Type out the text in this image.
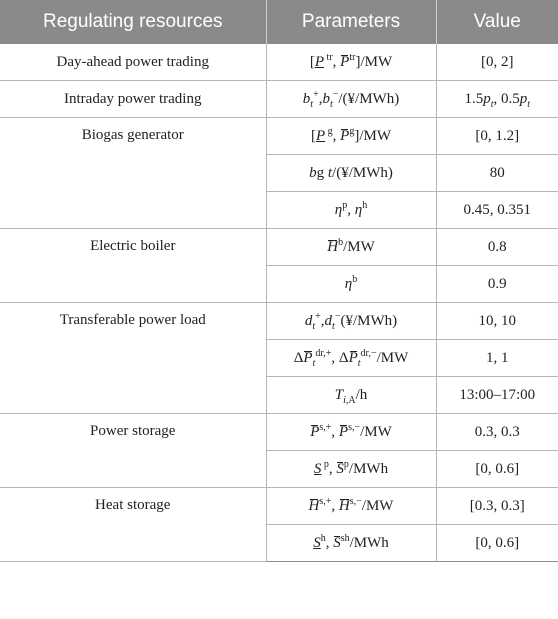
Regulating resources	Parameters	Value
Day-ahead power trading	[P $^{tr}$, $P^{tr}]/MW$	[0, 2]
Intraday power trading	$b_t^+,b_t^-/(¥/MWh)$	$1.5p_t$, $0.5p_t$
Biogas generator	[P $^g$, $P^g]/MW$	[0, 1.2]
	bg t/(¥/MWh)	80
	$\eta^p$, $\eta^h$	0.45, 0.351
Electric boiler	$H^b/MW$	0.8
	$\eta^b$	0.9
Transferable power load	$d_t^+,d_t^-(¥/MWh)$	10, 10
	$\Delta P_t^{dr,+}$, $\Delta P_t^{dr,-}/MW$	1, 1
	$T_{i,A}/h$	13:00–17:00
Power storage	$P^{s,+}$, $P^{s,-}/MW$	0.3, 0.3
	S $^p$, $S^p$/MWh	[0, 0.6]
Heat storage	$H^{s,+}$, $H^{s,-}/MW$	[0.3, 0.3]
	$S^h$, $S^{sh}$/MWh	[0, 0.6]
